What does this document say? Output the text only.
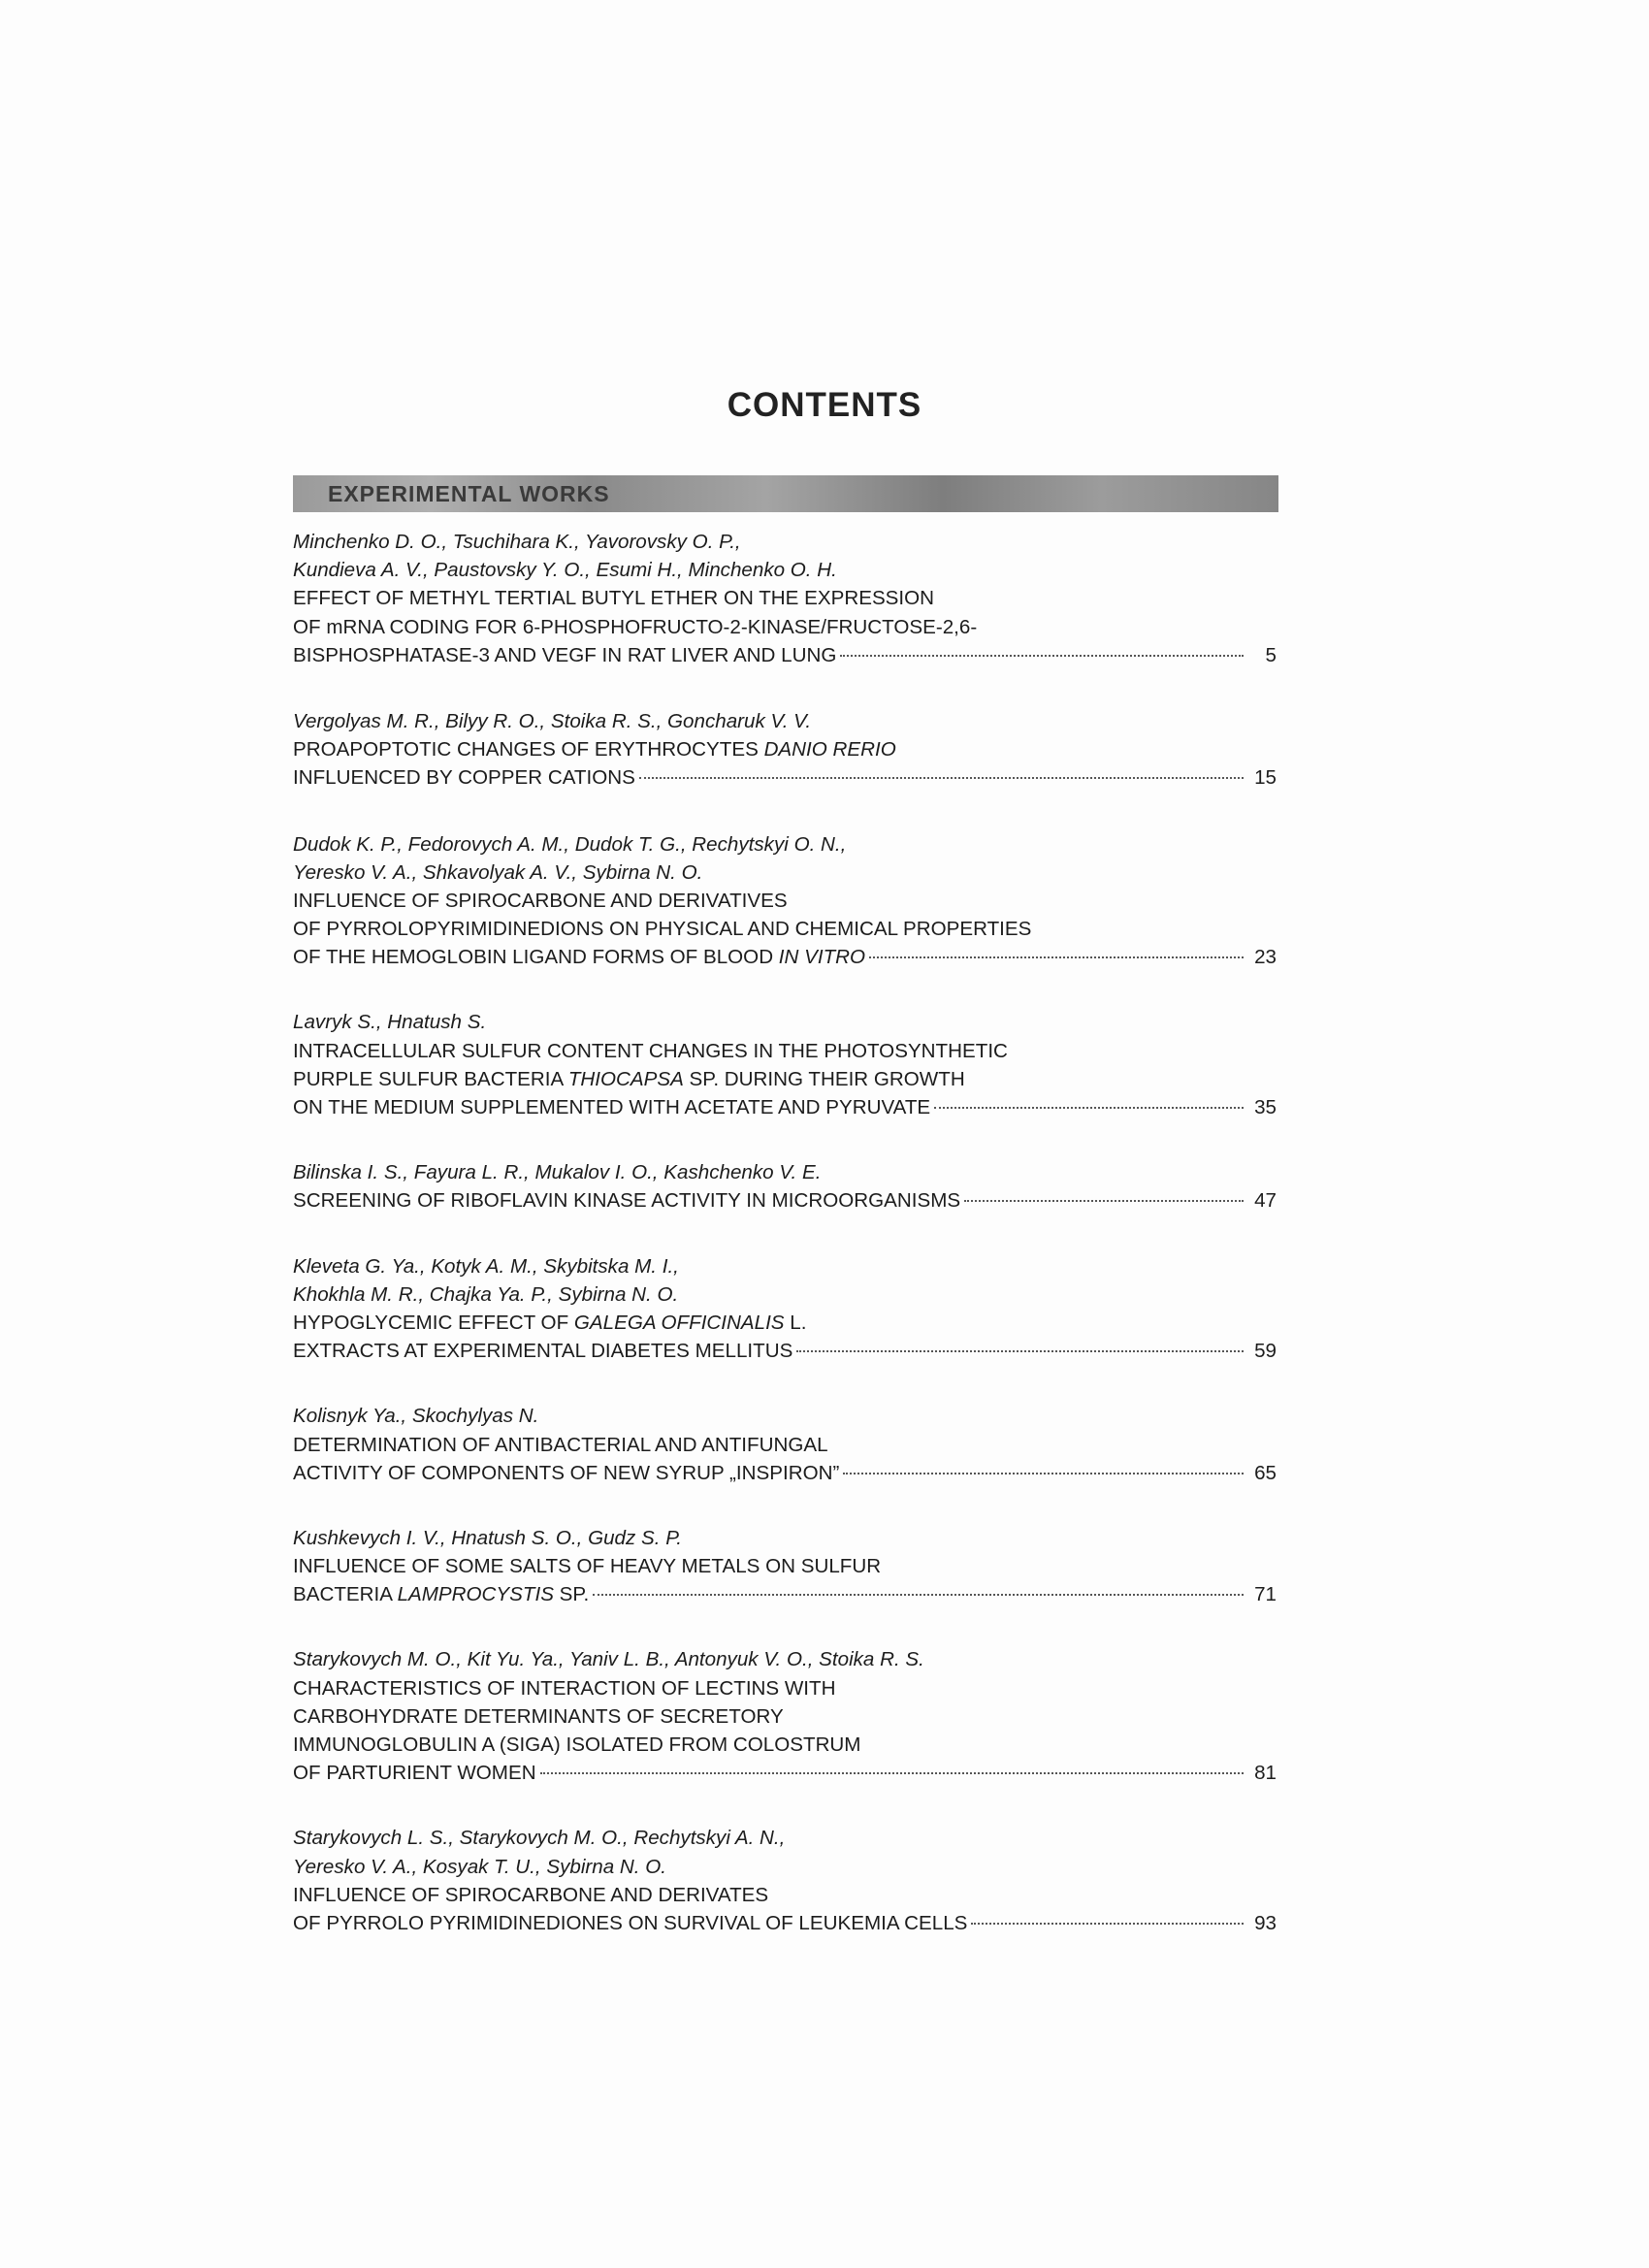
CONTENTS
EXPERIMENTAL WORKS
Minchenko D. O., Tsuchihara K., Yavorovsky O. P.,
Kundieva A. V., Paustovsky Y. O., Esumi H., Minchenko O. H.
EFFECT OF METHYL TERTIAL BUTYL ETHER ON THE EXPRESSION
OF mRNA CODING FOR 6-PHOSPHOFRUCTO-2-KINASE/FRUCTOSE-2,6-
BISPHOSPHATASE-3 AND VEGF IN RAT LIVER AND LUNG	5
Vergolyas M. R., Bilyy R. O., Stoika R. S., Goncharuk V. V.
PROAPOPTOTIC CHANGES OF ERYTHROCYTES DANIO RERIO
INFLUENCED BY COPPER CATIONS	15
Dudok K. P., Fedorovych A. M., Dudok T. G., Rechytskyi O. N.,
Yeresko V. A., Shkavolyak A. V., Sybirna N. O.
INFLUENCE OF SPIROCARBONE AND DERIVATIVES
OF PYRROLOPYRIMIDINEDIONS ON PHYSICAL AND CHEMICAL PROPERTIES
OF THE HEMOGLOBIN LIGAND FORMS OF BLOOD IN VITRO	23
Lavryk S., Hnatush S.
INTRACELLULAR SULFUR CONTENT CHANGES IN THE PHOTOSYNTHETIC
PURPLE SULFUR BACTERIA THIOCAPSA SP. DURING THEIR GROWTH
ON THE MEDIUM SUPPLEMENTED WITH ACETATE AND PYRUVATE	35
Bilinska I. S., Fayura L. R., Mukalov I. O., Kashchenko V. E.
SCREENING OF RIBOFLAVIN KINASE ACTIVITY IN MICROORGANISMS	47
Kleveta G. Ya., Kotyk A. M., Skybitska M. I.,
Khokhla M. R., Chajka Ya. P., Sybirna N. O.
HYPOGLYCEMIC EFFECT OF GALEGA OFFICINALIS L.
EXTRACTS AT EXPERIMENTAL DIABETES MELLITUS	59
Kolisnyk Ya., Skochylyas N.
DETERMINATION OF ANTIBACTERIAL AND ANTIFUNGAL
ACTIVITY OF COMPONENTS OF NEW SYRUP „INSPIRON”	65
Kushkevych I. V., Hnatush S. O., Gudz S. P.
INFLUENCE OF SOME SALTS OF HEAVY METALS ON SULFUR
BACTERIA LAMPROCYSTIS SP.	71
Starykovych M. O., Kit Yu. Ya., Yaniv L. B., Antonyuk V. O., Stoika R. S.
CHARACTERISTICS OF INTERACTION OF LECTINS WITH
CARBOHYDRATE DETERMINANTS OF SECRETORY
IMMUNOGLOBULIN A (SIGA) ISOLATED FROM COLOSTRUM
OF PARTURIENT WOMEN	81
Starykovych L. S., Starykovych M. O., Rechytskyi A. N.,
Yeresko V. A., Kosyak T. U., Sybirna N. O.
INFLUENCE OF SPIROCARBONE AND DERIVATES
OF PYRROLO PYRIMIDINEDIONES ON SURVIVAL OF LEUKEMIA CELLS	93
